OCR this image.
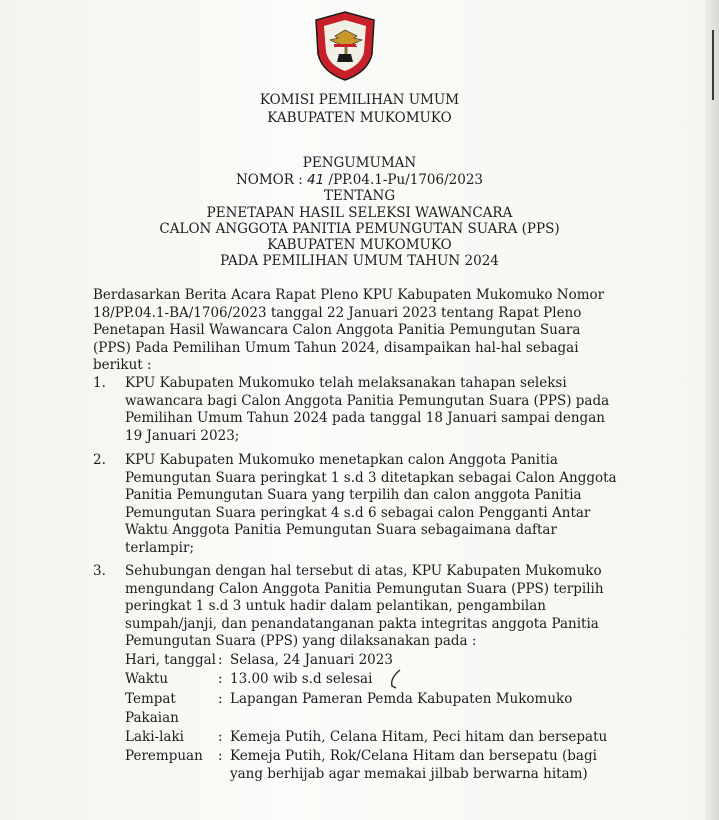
KOMISI PEMILIHAN UMUM
KABUPATEN MUKOMUKO
PENGUMUMAN
NOMOR : 41 /PP.04.1-Pu/1706/2023
TENTANG
PENETAPAN HASIL SELEKSI WAWANCARA
CALON ANGGOTA PANITIA PEMUNGUTAN SUARA (PPS)
KABUPATEN MUKOMUKO
PADA PEMILIHAN UMUM TAHUN 2024
Berdasarkan Berita Acara Rapat Pleno KPU Kabupaten Mukomuko Nomor
18/PP.04.1-BA/1706/2023 tanggal 22 Januari 2023 tentang Rapat Pleno
Penetapan Hasil Wawancara Calon Anggota Panitia Pemungutan Suara
(PPS) Pada Pemilihan Umum Tahun 2024, disampaikan hal-hal sebagai
berikut :
1. KPU Kabupaten Mukomuko telah melaksanakan tahapan seleksi
wawancara bagi Calon Anggota Panitia Pemungutan Suara (PPS) pada
Pemilihan Umum Tahun 2024 pada tanggal 18 Januari sampai dengan
19 Januari 2023;
2. KPU Kabupaten Mukomuko menetapkan calon Anggota Panitia
Pemungutan Suara peringkat 1 s.d 3 ditetapkan sebagai Calon Anggota
Panitia Pemungutan Suara yang terpilih dan calon anggota Panitia
Pemungutan Suara peringkat 4 s.d 6 sebagai calon Pengganti Antar
Waktu Anggota Panitia Pemungutan Suara sebagaimana daftar
terlampir;
3. Sehubungan dengan hal tersebut di atas, KPU Kabupaten Mukomuko
mengundang Calon Anggota Panitia Pemungutan Suara (PPS) terpilih
peringkat 1 s.d 3 untuk hadir dalam pelantikan, pengambilan
sumpah/janji, dan penandatanganan pakta integritas anggota Panitia
Pemungutan Suara (PPS) yang dilaksanakan pada :
Hari, tanggal : Selasa, 24 Januari 2023
Waktu	: 13.00 wib s.d selesai
Tempat	: Lapangan Pameran Pemda Kabupaten Mukomuko
Pakaian
Laki-laki	: Kemeja Putih, Celana Hitam, Peci hitam dan bersepatu
Perempuan : Kemeja Putih, Rok/Celana Hitam dan bersepatu (bagi
yang berhijab agar memakai jilbab berwarna hitam)
